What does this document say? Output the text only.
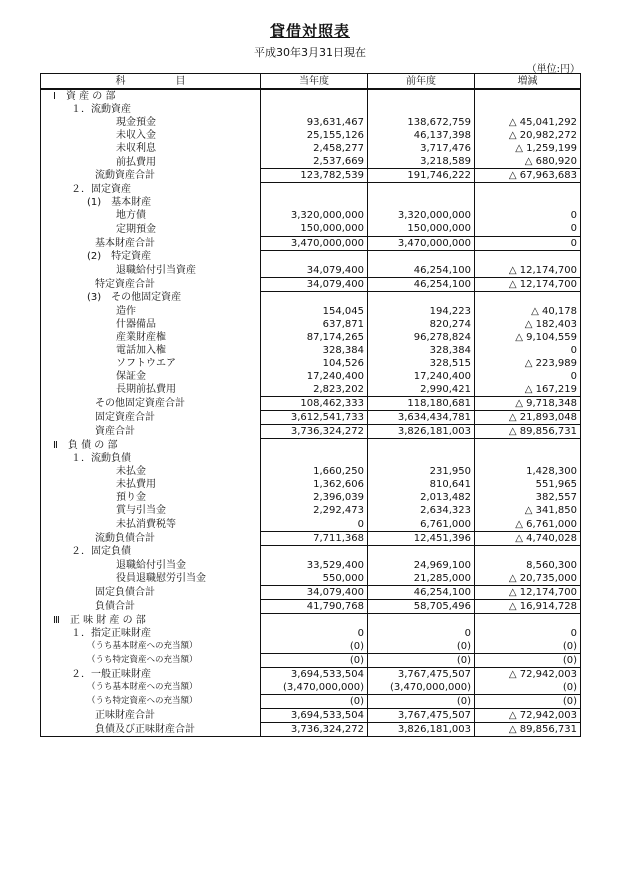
貸借対照表
平成30年3月31日現在
（単位:円）
科　　　　　目	当年度	前年度	増減
Ⅰ　資 産 の 部			
１．流動資産			
現金預金	93,631,467	138,672,759	△ 45,041,292
未収入金	25,155,126	46,137,398	△ 20,982,272
未収利息	2,458,277	3,717,476	△ 1,259,199
前払費用	2,537,669	3,218,589	△ 680,920
流動資産合計	123,782,539	191,746,222	△ 67,963,683
２．固定資産			
(1)　基本財産			
地方債	3,320,000,000	3,320,000,000	0
定期預金	150,000,000	150,000,000	0
基本財産合計	3,470,000,000	3,470,000,000	0
(2)　特定資産			
退職給付引当資産	34,079,400	46,254,100	△ 12,174,700
特定資産合計	34,079,400	46,254,100	△ 12,174,700
(3)　その他固定資産			
造作	154,045	194,223	△ 40,178
什器備品	637,871	820,274	△ 182,403
産業財産権	87,174,265	96,278,824	△ 9,104,559
電話加入権	328,384	328,384	0
ソフトウエア	104,526	328,515	△ 223,989
保証金	17,240,400	17,240,400	0
長期前払費用	2,823,202	2,990,421	△ 167,219
その他固定資産合計	108,462,333	118,180,681	△ 9,718,348
固定資産合計	3,612,541,733	3,634,434,781	△ 21,893,048
資産合計	3,736,324,272	3,826,181,003	△ 89,856,731
Ⅱ　負 債 の 部			
１．流動負債			
未払金	1,660,250	231,950	1,428,300
未払費用	1,362,606	810,641	551,965
預り金	2,396,039	2,013,482	382,557
賞与引当金	2,292,473	2,634,323	△ 341,850
未払消費税等	0	6,761,000	△ 6,761,000
流動負債合計	7,711,368	12,451,396	△ 4,740,028
２．固定負債			
退職給付引当金	33,529,400	24,969,100	8,560,300
役員退職慰労引当金	550,000	21,285,000	△ 20,735,000
固定負債合計	34,079,400	46,254,100	△ 12,174,700
負債合計	41,790,768	58,705,496	△ 16,914,728
Ⅲ　正 味 財 産 の 部			
１．指定正味財産	0	0	0
（うち基本財産への充当額）	(0)	(0)	(0)
（うち特定資産への充当額）	(0)	(0)	(0)
２．一般正味財産	3,694,533,504	3,767,475,507	△ 72,942,003
（うち基本財産への充当額）	(3,470,000,000)	(3,470,000,000)	(0)
（うち特定資産への充当額）	(0)	(0)	(0)
正味財産合計	3,694,533,504	3,767,475,507	△ 72,942,003
負債及び正味財産合計	3,736,324,272	3,826,181,003	△ 89,856,731
